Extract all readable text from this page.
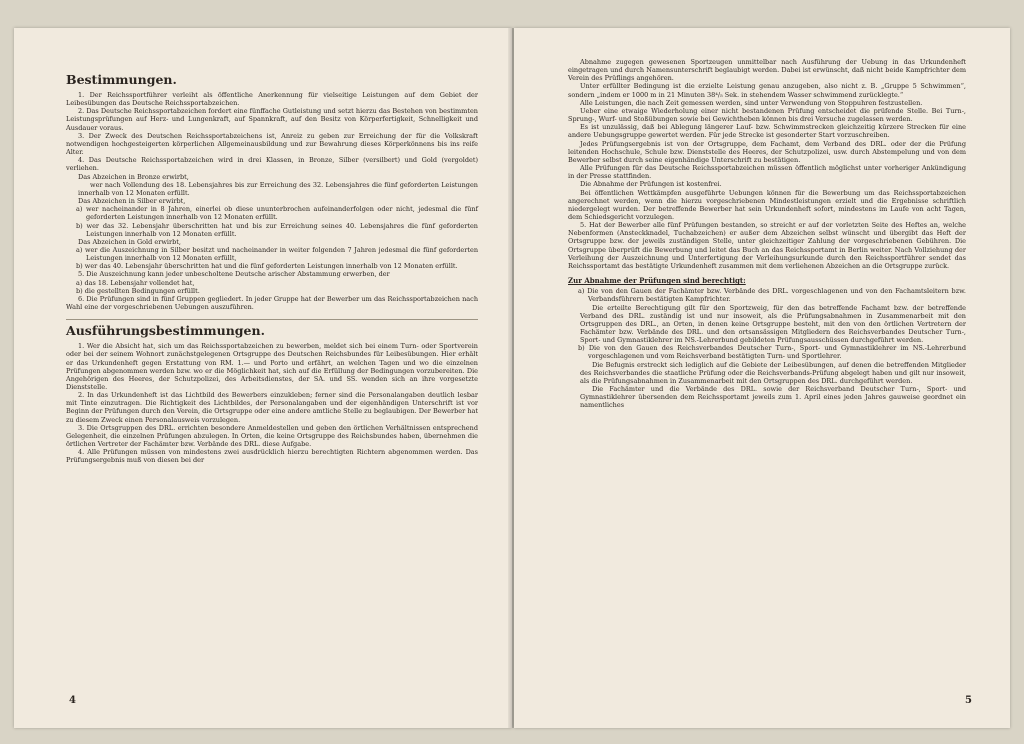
Bestimmungen.

1. Der Reichssportführer verleiht als öffentliche Anerkennung für vielseitige Leistungen auf dem Gebiet der Leibesübungen das Deutsche Reichssportabzeichen.

2. Das Deutsche Reichssportabzeichen fordert eine fünffache Gutleistung und setzt hierzu das Bestehen von bestimmten Leistungsprüfungen auf Herz- und Lungenkraft, auf Spannkraft, auf den Besitz von Körperfertigkeit, Schnelligkeit und Ausdauer voraus.

3. Der Zweck des Deutschen Reichssportabzeichens ist, Anreiz zu geben zur Erreichung der für die Volkskraft notwendigen hochgesteigerten körperlichen Allgemeinausbildung und zur Bewahrung dieses Körperkönnens bis ins reife Alter.

4. Das Deutsche Reichssportabzeichen wird in drei Klassen, in Bronze, Silber (versilbert) und Gold (vergoldet) verliehen.

Das Abzeichen in Bronze erwirbt,

wer nach Vollendung des 18. Lebensjahres bis zur Erreichung des 32. Lebensjahres die fünf geforderten Leistungen innerhalb von 12 Monaten erfüllt.

Das Abzeichen in Silber erwirbt,

a) wer nacheinander in 8 Jahren, einerlei ob diese ununterbrochen aufeinanderfolgen oder nicht, jedesmal die fünf geforderten Leistungen innerhalb von 12 Monaten erfüllt.

b) wer das 32. Lebensjahr überschritten hat und bis zur Erreichung seines 40. Lebensjahres die fünf geforderten Leistungen innerhalb von 12 Monaten erfüllt.

Das Abzeichen in Gold erwirbt,

a) wer die Auszeichnung in Silber besitzt und nacheinander in weiter folgenden 7 Jahren jedesmal die fünf geforderten Leistungen innerhalb von 12 Monaten erfüllt,

b) wer das 40. Lebensjahr überschritten hat und die fünf geforderten Leistungen innerhalb von 12 Monaten erfüllt.

5. Die Auszeichnung kann jeder unbescholtene Deutsche arischer Abstammung erwerben, der

a) das 18. Lebensjahr vollendet hat,

b) die gestellten Bedingungen erfüllt.

6. Die Prüfungen sind in fünf Gruppen gegliedert. In jeder Gruppe hat der Bewerber um das Reichssportabzeichen nach Wahl eine der vorgeschriebenen Uebungen auszuführen.

Ausführungsbestimmungen.

1. Wer die Absicht hat, sich um das Reichssportabzeichen zu bewerben, meldet sich bei einem Turn- oder Sportverein oder bei der seinem Wohnort zunächstgelegenen Ortsgruppe des Deutschen Reichsbundes für Leibesübungen. Hier erhält er das Urkundenheft gegen Erstattung von RM. 1.— und Porto und erfährt, an welchen Tagen und wo die einzelnen Prüfungen abgenommen werden bzw. wo er die Möglichkeit hat, sich auf die Erfüllung der Bedingungen vorzubereiten. Die Angehörigen des Heeres, der Schutzpolizei, des Arbeitsdienstes, der SA. und SS. wenden sich an ihre vorgesetzte Dienststelle.

2. In das Urkundenheft ist das Lichtbild des Bewerbers einzukleben; ferner sind die Personalangaben deutlich lesbar mit Tinte einzutragen. Die Richtigkeit des Lichtbildes, der Personalangaben und der eigenhändigen Unterschrift ist vor Beginn der Prüfungen durch den Verein, die Ortsgruppe oder eine andere amtliche Stelle zu beglaubigen. Der Bewerber hat zu diesem Zweck einen Personalausweis vorzulegen.

3. Die Ortsgruppen des DRL. errichten besondere Anmeldestellen und geben den örtlichen Verhältnissen entsprechend Gelegenheit, die einzelnen Prüfungen abzulegen. In Orten, die keine Ortsgruppe des Reichsbundes haben, übernehmen die örtlichen Vertreter der Fachämter bzw. Verbände des DRL. diese Aufgabe.

4. Alle Prüfungen müssen von mindestens zwei ausdrücklich hierzu berechtigten Richtern abgenommen werden. Das Prüfungsergebnis muß von diesen bei der

4

Abnahme zugegen gewesenen Sportzeugen unmittelbar nach Ausführung der Uebung in das Urkundenheft eingetragen und durch Namensunterschrift beglaubigt werden. Dabei ist erwünscht, daß nicht beide Kampfrichter dem Verein des Prüflings angehören.

Unter erfüllter Bedingung ist die erzielte Leistung genau anzugeben, also nicht z. B. „Gruppe 5 Schwimmen“, sondern „indem er 1000 m in 21 Minuten 38⁴/₅ Sek. in stehendem Wasser schwimmend zurücklegte.“

Alle Leistungen, die nach Zeit gemessen werden, sind unter Verwendung von Stoppuhren festzustellen.

Ueber eine etwaige Wiederholung einer nicht bestandenen Prüfung entscheidet die prüfende Stelle. Bei Turn-, Sprung-, Wurf- und Stoßübungen sowie bei Gewichtheben können bis drei Versuche zugelassen werden.

Es ist unzulässig, daß bei Ablegung längerer Lauf- bzw. Schwimmstrecken gleichzeitig kürzere Strecken für eine andere Uebungsgruppe gewertet werden. Für jede Strecke ist gesonderter Start vorzuschreiben.

Jedes Prüfungsergebnis ist von der Ortsgruppe, dem Fachamt, dem Verband des DRL. oder der die Prüfung leitenden Hochschule, Schule bzw. Dienststelle des Heeres, der Schutzpolizei, usw. durch Abstempelung und von dem Bewerber selbst durch seine eigenhändige Unterschrift zu bestätigen.

Alle Prüfungen für das Deutsche Reichssportabzeichen müssen öffentlich möglichst unter vorheriger Ankündigung in der Presse stattfinden.

Die Abnahme der Prüfungen ist kostenfrei.

Bei öffentlichen Wettkämpfen ausgeführte Uebungen können für die Bewerbung um das Reichssportabzeichen angerechnet werden, wenn die hierzu vorgeschriebenen Mindestleistungen erzielt und die Ergebnisse schriftlich niedergelegt wurden. Der betreffende Bewerber hat sein Urkundenheft sofort, mindestens im Laufe von acht Tagen, dem Schiedsgericht vorzulegen.

5. Hat der Bewerber alle fünf Prüfungen bestanden, so streicht er auf der vorletzten Seite des Heftes an, welche Nebenformen (Ansteckknadel, Tuchabzeichen) er außer dem Abzeichen selbst wünscht und übergibt das Heft der Ortsgruppe bzw. der jeweils zuständigen Stelle, unter gleichzeitiger Zahlung der vorgeschriebenen Gebühren. Die Ortsgruppe überprüft die Bewerbung und leitet das Buch an das Reichssportamt in Berlin weiter. Nach Vollziehung der Verleihung der Auszeichnung und Unterfertigung der Verleihungsurkunde durch den Reichssportführer sendet das Reichssportamt das bestätigte Urkundenheft zusammen mit dem verliehenen Abzeichen an die Ortsgruppe zurück.

Zur Abnahme der Prüfungen sind berechtigt:

a) Die von den Gauen der Fachämter bzw. Verbände des DRL. vorgeschlagenen und von den Fachamtsleitern bzw. Verbandsführern bestätigten Kampfrichter.

Die erteilte Berechtigung gilt für den Sportzweig, für den das betreffende Fachamt bzw. der betreffende Verband des DRL. zuständig ist und nur insoweit, als die Prüfungsabnahmen in Zusammenarbeit mit den Ortsgruppen des DRL., an Orten, in denen keine Ortsgruppe besteht, mit den von den örtlichen Vertretern der Fachämter bzw. Verbände des DRL. und den ortsansässigen Mitgliedern des Reichsverbandes Deutscher Turn-, Sport- und Gymnastiklehrer im NS.-Lehrerbund gebildeten Prüfungsausschüssen durchgeführt werden.

b) Die von den Gauen des Reichsverbandes Deutscher Turn-, Sport- und Gymnastiklehrer im NS.-Lehrerbund vorgeschlagenen und vom Reichsverband bestätigten Turn- und Sportlehrer.

Die Befugnis erstreckt sich lediglich auf die Gebiete der Leibesübungen, auf denen die betreffenden Mitglieder des Reichsverbandes die staatliche Prüfung oder die Reichsverbands-Prüfung abgelegt haben und gilt nur insoweit, als die Prüfungsabnahmen in Zusammenarbeit mit den Ortsgruppen des DRL. durchgeführt werden.

Die Fachämter und die Verbände des DRL. sowie der Reichsverband Deutscher Turn-, Sport- und Gymnastiklehrer übersenden dem Reichssportamt jeweils zum 1. April eines jeden Jahres gauweise geordnet ein namentliches

5
